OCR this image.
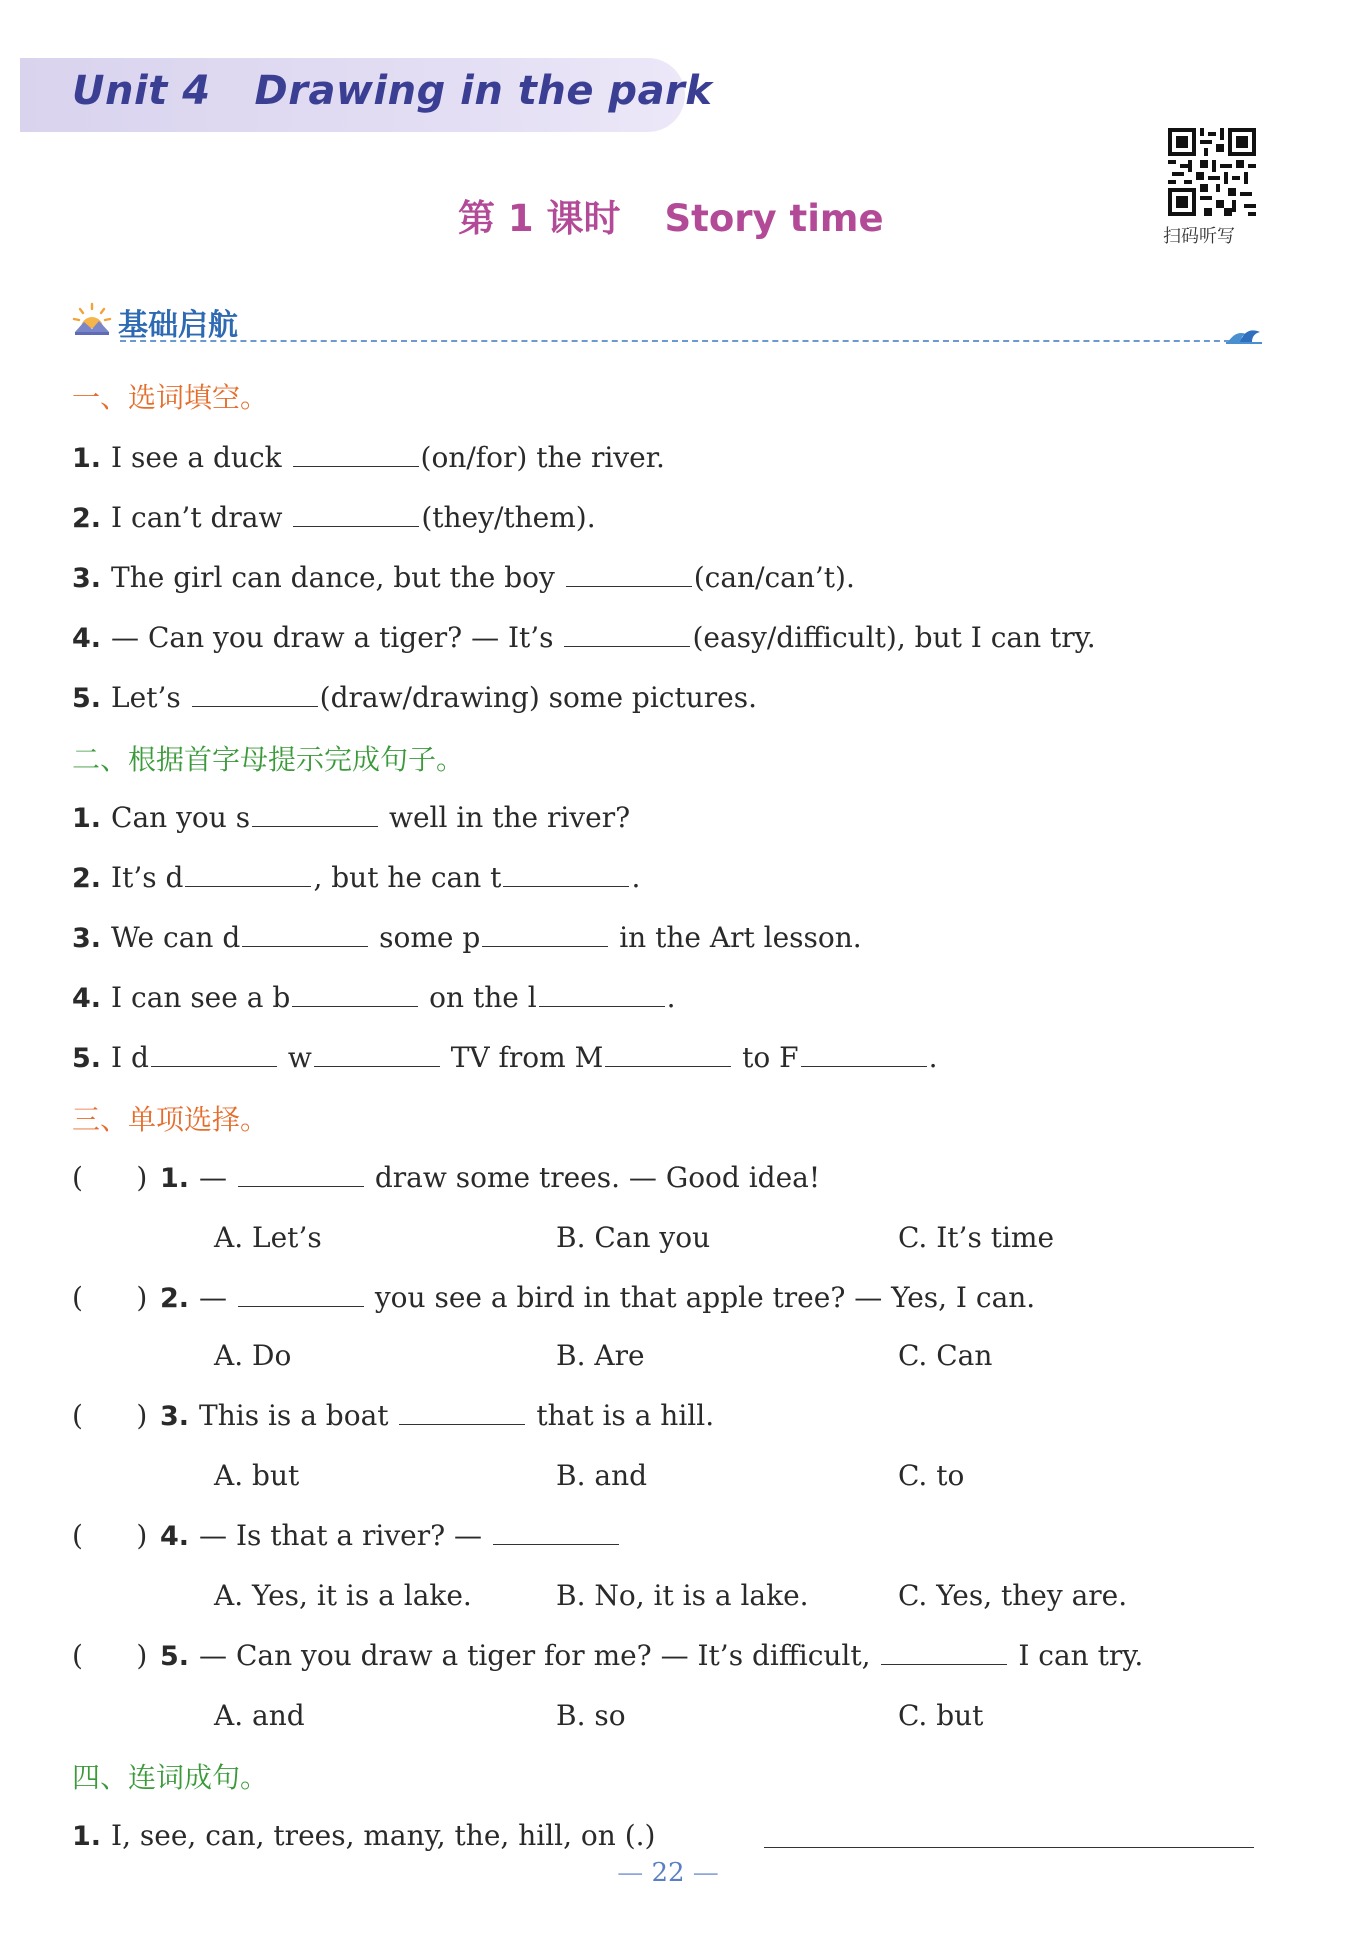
Unit 4 Drawing in the park
第 1 课时 Story time	扫码听写
基础启航
一、选词填空。
1. I see a duck	(on/for) the river.
2. I can’t draw	(they/them).
3. The girl can dance, but the boy	(can/can’t).
4. — Can you draw a tiger? — It’s	(easy/difficult), but I can try.
5. Let’s	(draw/drawing) some pictures.
二、根据首字母提示完成句子。
1. Can you s	well in the river?
2. It’s d	, but he can t	.
3. We can d	some p	in the Art lesson.
4. I can see a b	on the l	.
5. I d	w	TV from M	to F	.
三、单项选择。
(      ) 1. —	draw some trees. — Good idea!
A. Let’s	B. Can you	C. It’s time
(      ) 2. —	you see a bird in that apple tree? — Yes, I can.
A. Do	B. Are	C. Can
(      ) 3. This is a boat	that is a hill.
A. but	B. and	C. to
(      ) 4. — Is that a river? —
A. Yes, it is a lake.	B. No, it is a lake.	C. Yes, they are.
(      ) 5. — Can you draw a tiger for me? — It’s difficult,	I can try.
A. and	B. so	C. but
四、连词成句。
1. I, see, can, trees, many, the, hill, on (.)
— 22 —
